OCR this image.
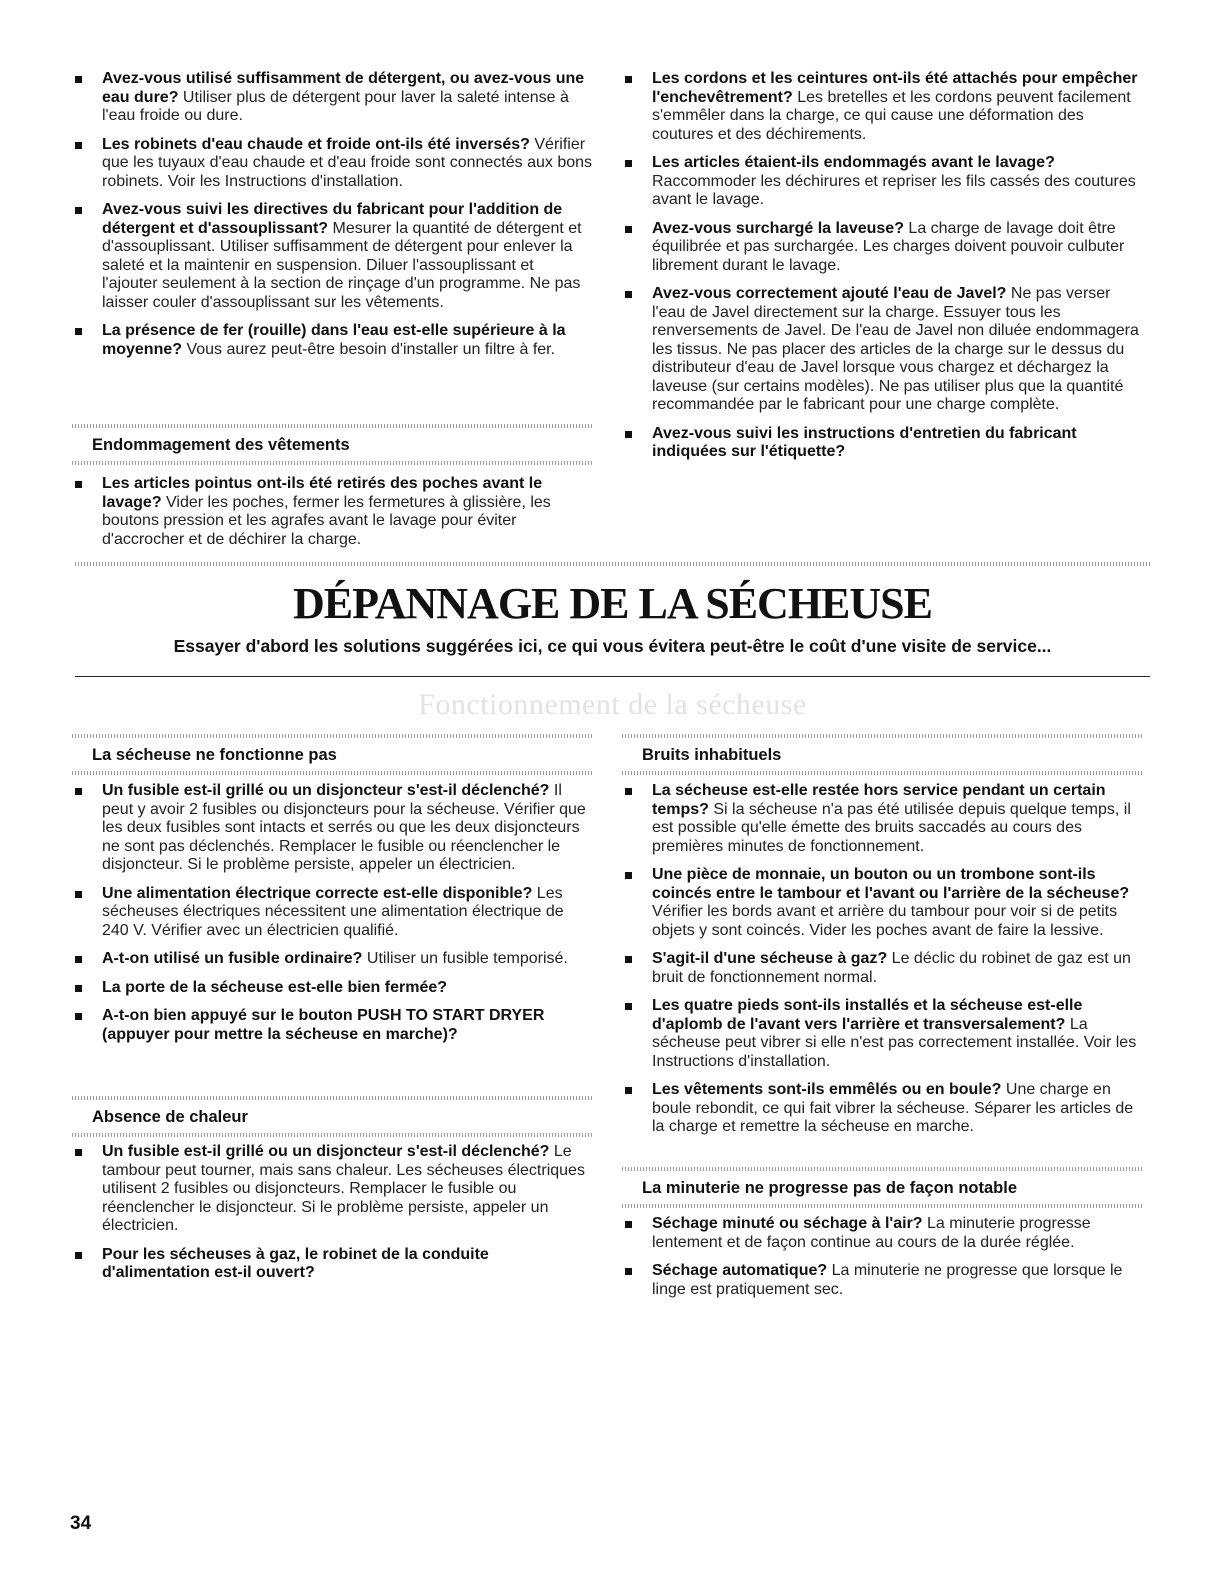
Avez-vous utilisé suffisamment de détergent, ou avez-vous une eau dure? Utiliser plus de détergent pour laver la saleté intense à l'eau froide ou dure.
Les robinets d'eau chaude et froide ont-ils été inversés? Vérifier que les tuyaux d'eau chaude et d'eau froide sont connectés aux bons robinets. Voir les Instructions d'installation.
Avez-vous suivi les directives du fabricant pour l'addition de détergent et d'assouplissant? Mesurer la quantité de détergent et d'assouplissant. Utiliser suffisamment de détergent pour enlever la saleté et la maintenir en suspension. Diluer l'assouplissant et l'ajouter seulement à la section de rinçage d'un programme. Ne pas laisser couler d'assouplissant sur les vêtements.
La présence de fer (rouille) dans l'eau est-elle supérieure à la moyenne? Vous aurez peut-être besoin d'installer un filtre à fer.
Endommagement des vêtements
Les articles pointus ont-ils été retirés des poches avant le lavage? Vider les poches, fermer les fermetures à glissière, les boutons pression et les agrafes avant le lavage pour éviter d'accrocher et de déchirer la charge.
Les cordons et les ceintures ont-ils été attachés pour empêcher l'enchevêtrement? Les bretelles et les cordons peuvent facilement s'emmêler dans la charge, ce qui cause une déformation des coutures et des déchirements.
Les articles étaient-ils endommagés avant le lavage? Raccommoder les déchirures et repriser les fils cassés des coutures avant le lavage.
Avez-vous surchargé la laveuse? La charge de lavage doit être équilibrée et pas surchargée. Les charges doivent pouvoir culbuter librement durant le lavage.
Avez-vous correctement ajouté l'eau de Javel? Ne pas verser l'eau de Javel directement sur la charge. Essuyer tous les renversements de Javel. De l'eau de Javel non diluée endommagera les tissus. Ne pas placer des articles de la charge sur le dessus du distributeur d'eau de Javel lorsque vous chargez et déchargez la laveuse (sur certains modèles). Ne pas utiliser plus que la quantité recommandée par le fabricant pour une charge complète.
Avez-vous suivi les instructions d'entretien du fabricant indiquées sur l'étiquette?
DÉPANNAGE DE LA SÉCHEUSE
Essayer d'abord les solutions suggérées ici, ce qui vous évitera peut-être le coût d'une visite de service...
Fonctionnement de la sécheuse
La sécheuse ne fonctionne pas
Un fusible est-il grillé ou un disjoncteur s'est-il déclenché? Il peut y avoir 2 fusibles ou disjoncteurs pour la sécheuse. Vérifier que les deux fusibles sont intacts et serrés ou que les deux disjoncteurs ne sont pas déclenchés. Remplacer le fusible ou réenclencher le disjoncteur. Si le problème persiste, appeler un électricien.
Une alimentation électrique correcte est-elle disponible? Les sécheuses électriques nécessitent une alimentation électrique de 240 V. Vérifier avec un électricien qualifié.
A-t-on utilisé un fusible ordinaire? Utiliser un fusible temporisé.
La porte de la sécheuse est-elle bien fermée?
A-t-on bien appuyé sur le bouton PUSH TO START DRYER (appuyer pour mettre la sécheuse en marche)?
Absence de chaleur
Un fusible est-il grillé ou un disjoncteur s'est-il déclenché? Le tambour peut tourner, mais sans chaleur. Les sécheuses électriques utilisent 2 fusibles ou disjoncteurs. Remplacer le fusible ou réenclencher le disjoncteur. Si le problème persiste, appeler un électricien.
Pour les sécheuses à gaz, le robinet de la conduite d'alimentation est-il ouvert?
Bruits inhabituels
La sécheuse est-elle restée hors service pendant un certain temps? Si la sécheuse n'a pas été utilisée depuis quelque temps, il est possible qu'elle émette des bruits saccadés au cours des premières minutes de fonctionnement.
Une pièce de monnaie, un bouton ou un trombone sont-ils coincés entre le tambour et l'avant ou l'arrière de la sécheuse? Vérifier les bords avant et arrière du tambour pour voir si de petits objets y sont coincés. Vider les poches avant de faire la lessive.
S'agit-il d'une sécheuse à gaz? Le déclic du robinet de gaz est un bruit de fonctionnement normal.
Les quatre pieds sont-ils installés et la sécheuse est-elle d'aplomb de l'avant vers l'arrière et transversalement? La sécheuse peut vibrer si elle n'est pas correctement installée. Voir les Instructions d'installation.
Les vêtements sont-ils emmêlés ou en boule? Une charge en boule rebondit, ce qui fait vibrer la sécheuse. Séparer les articles de la charge et remettre la sécheuse en marche.
La minuterie ne progresse pas de façon notable
Séchage minuté ou séchage à l'air? La minuterie progresse lentement et de façon continue au cours de la durée réglée.
Séchage automatique? La minuterie ne progresse que lorsque le linge est pratiquement sec.
34
